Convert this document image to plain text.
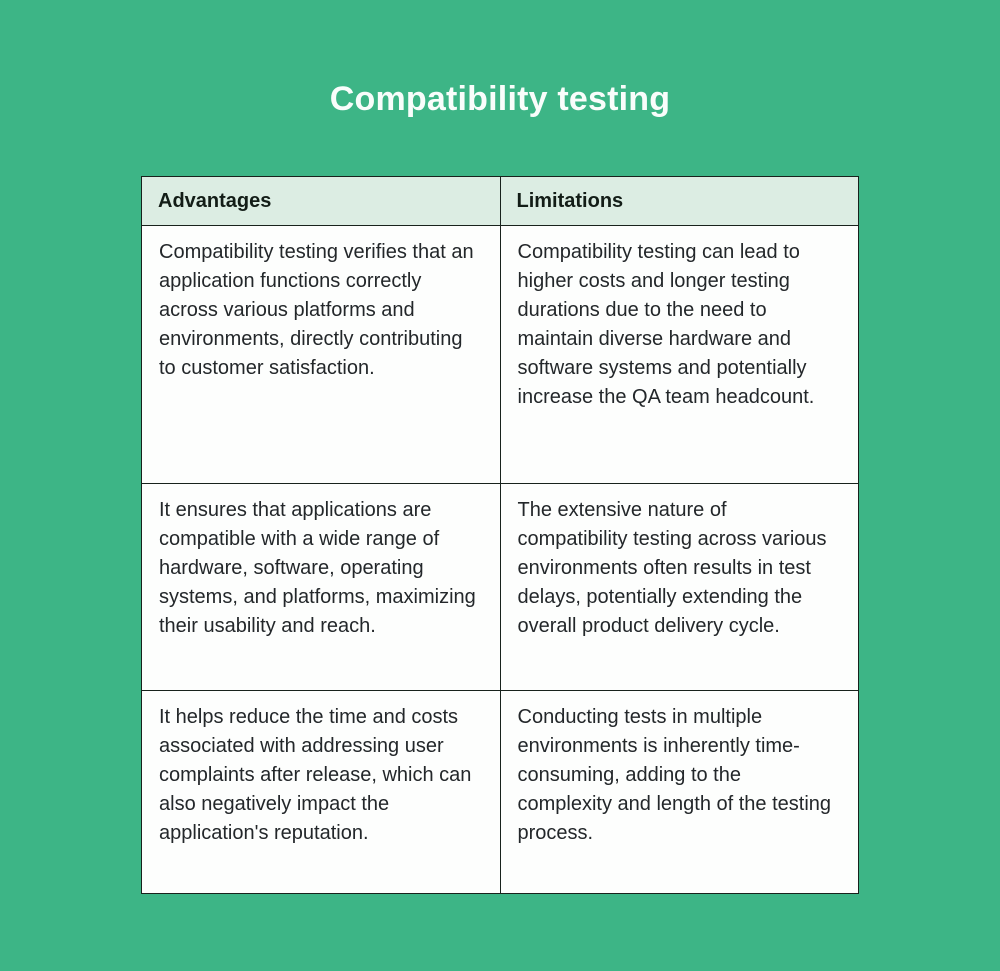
Compatibility testing
Advantages	Limitations
Compatibility testing verifies that an application functions correctly across various platforms and environments, directly contributing to customer satisfaction.	Compatibility testing can lead to higher costs and longer testing durations due to the need to maintain diverse hardware and software systems and potentially increase the QA team headcount.
It ensures that applications are compatible with a wide range of hardware, software, operating systems, and platforms, maximizing their usability and reach.	The extensive nature of compatibility testing across various environments often results in test delays, potentially extending the overall product delivery cycle.
It helps reduce the time and costs associated with addressing user complaints after release, which can also negatively impact the application's reputation.	Conducting tests in multiple environments is inherently time-consuming, adding to the complexity and length of the testing process.
